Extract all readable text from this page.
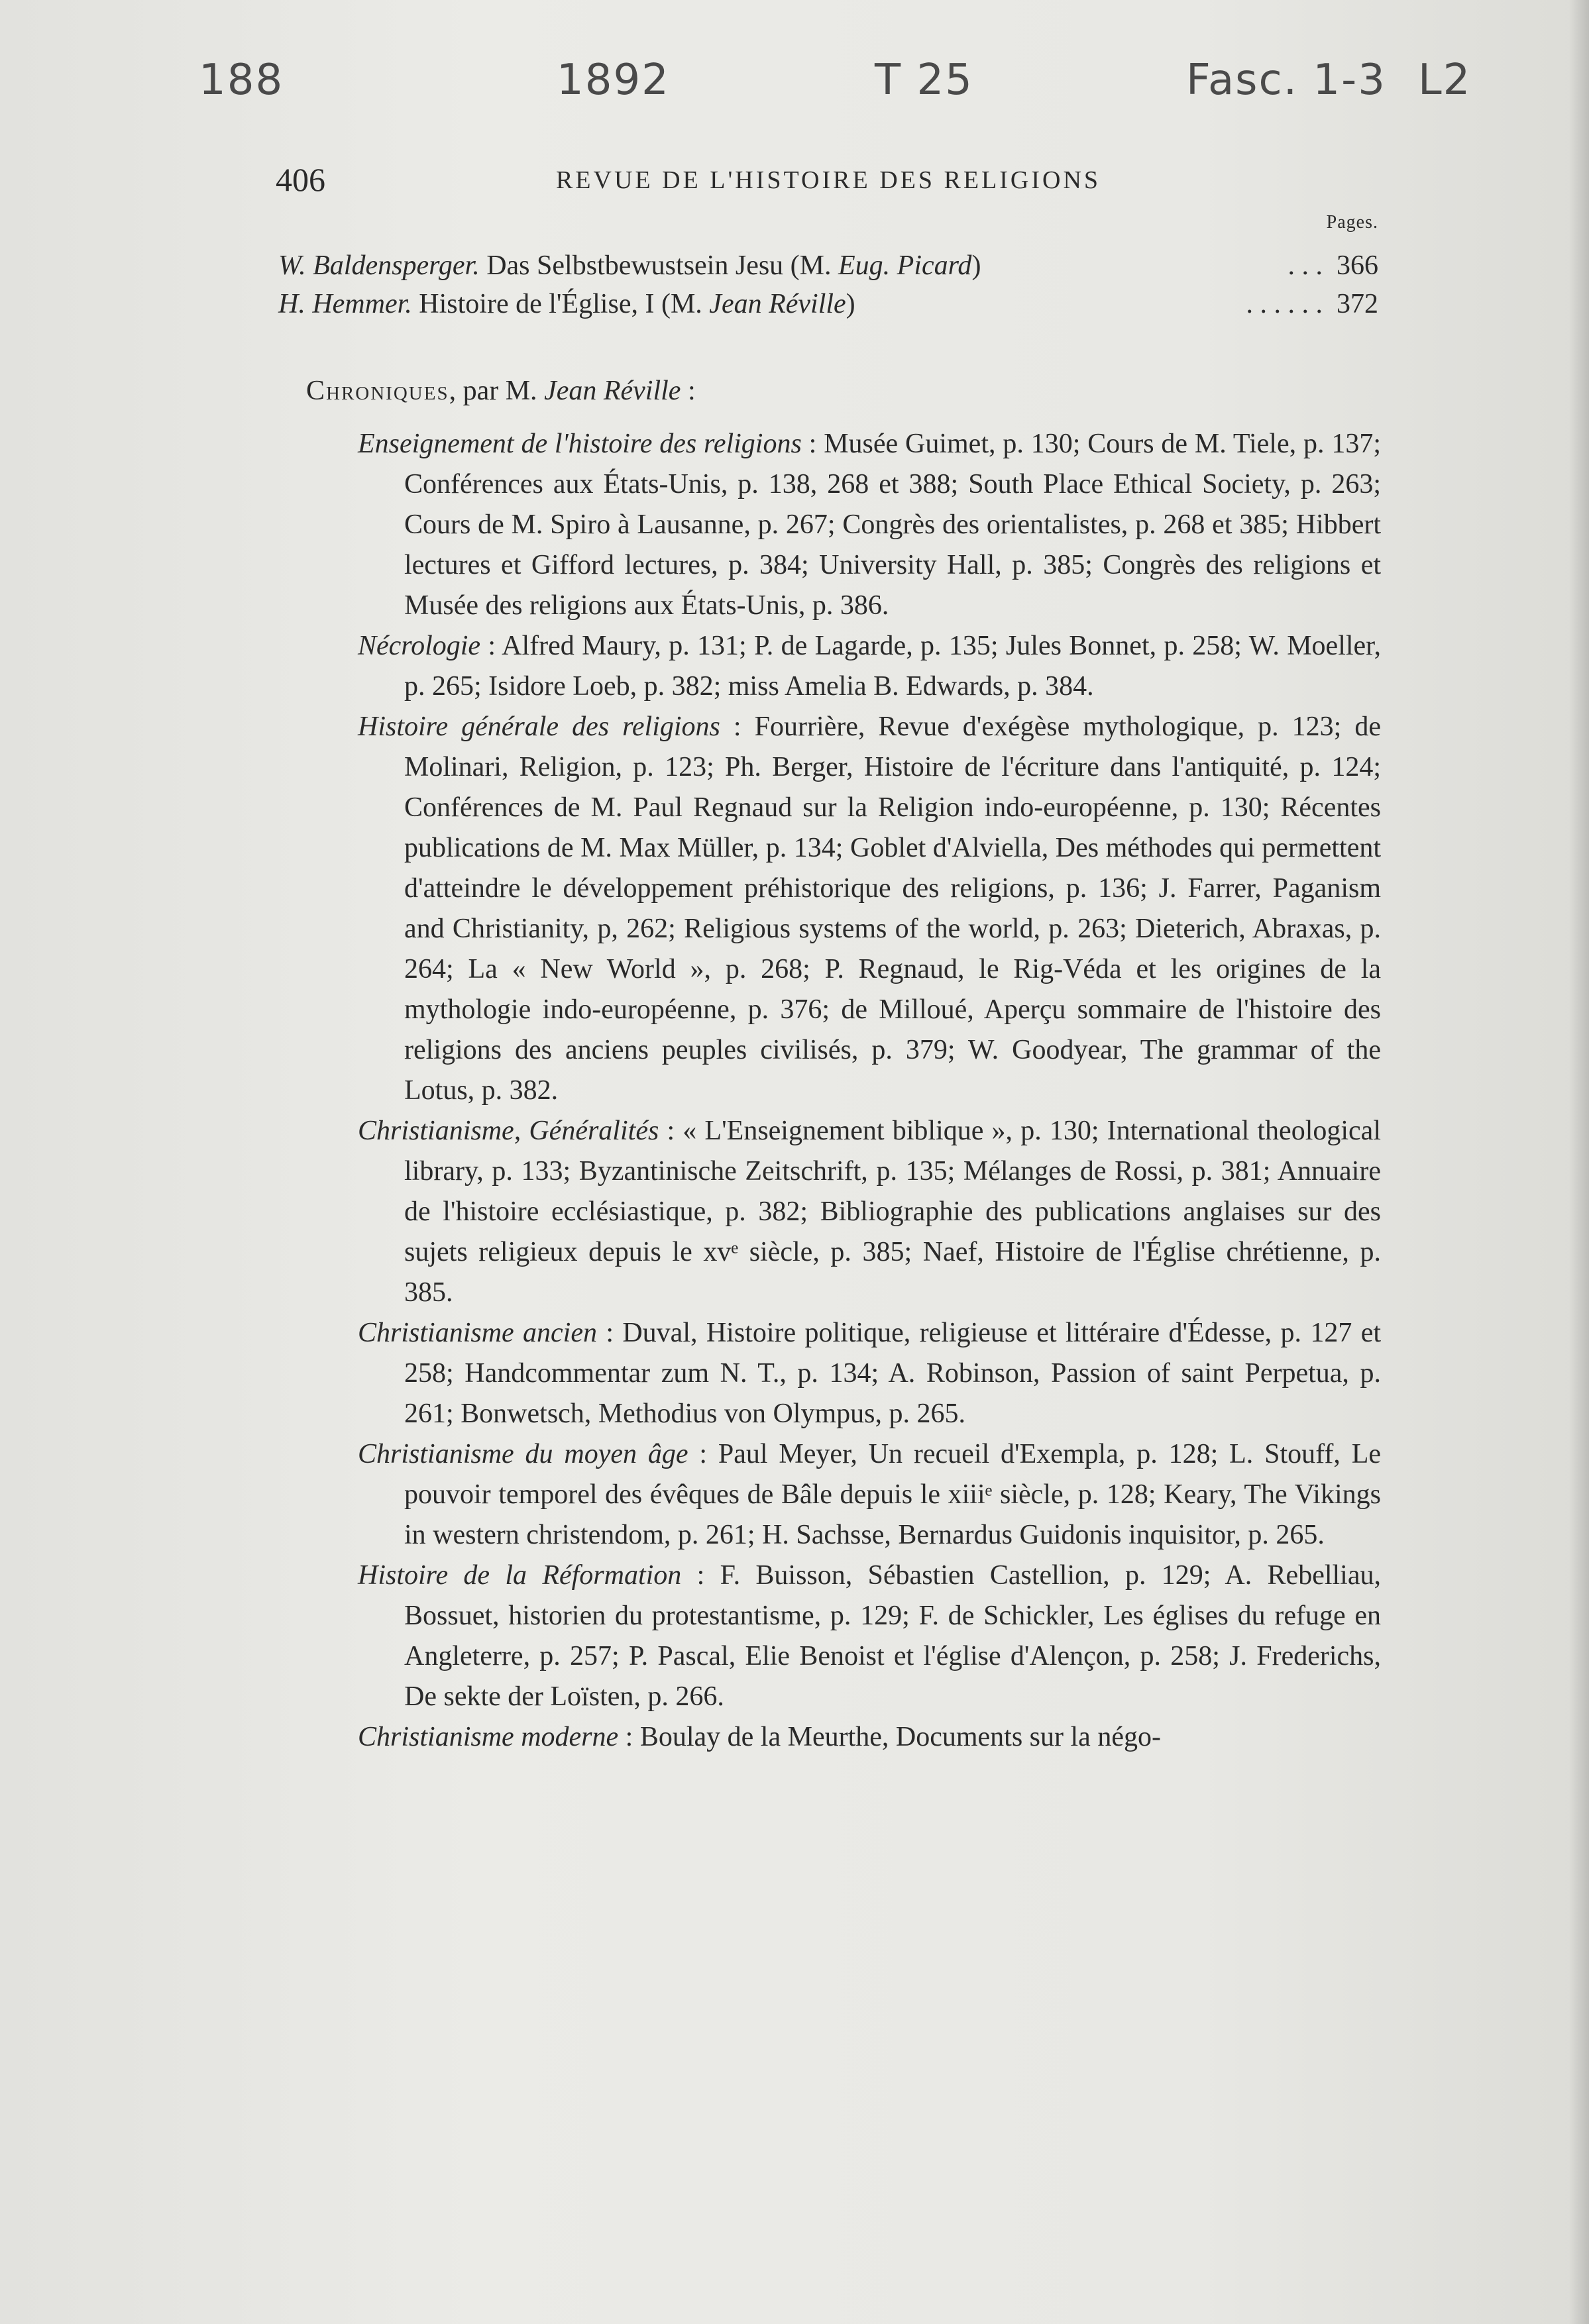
188	1892	T 25	Fasc. 1-3 L2
406	REVUE DE L'HISTOIRE DES RELIGIONS
Pages.
W. Baldensperger. Das Selbstbewustsein Jesu (M. Eug. Picard)	. . . 366
H. Hemmer. Histoire de l'Église, I (M. Jean Réville)	. . . . . . 372
Chroniques, par M. Jean Réville :

Enseignement de l'histoire des religions : Musée Guimet, p. 130; Cours de M. Tiele, p. 137; Conférences aux États-Unis, p. 138, 268 et 388; South Place Ethical Society, p. 263; Cours de M. Spiro à Lausanne, p. 267; Congrès des orientalistes, p. 268 et 385; Hibbert lectures et Gifford lectures, p. 384; University Hall, p. 385; Congrès des religions et Musée des religions aux États-Unis, p. 386.

Nécrologie : Alfred Maury, p. 131; P. de Lagarde, p. 135; Jules Bonnet, p. 258; W. Moeller, p. 265; Isidore Loeb, p. 382; miss Amelia B. Edwards, p. 384.

Histoire générale des religions : Fourrière, Revue d'exégèse mythologique, p. 123; de Molinari, Religion, p. 123; Ph. Berger, Histoire de l'écriture dans l'antiquité, p. 124; Conférences de M. Paul Regnaud sur la Religion indo-européenne, p. 130; Récentes publications de M. Max Müller, p. 134; Goblet d'Alviella, Des méthodes qui permettent d'atteindre le développement préhistorique des religions, p. 136; J. Farrer, Paganism and Christianity, p, 262; Religious systems of the world, p. 263; Dieterich, Abraxas, p. 264; La « New World », p. 268; P. Regnaud, le Rig-Véda et les origines de la mythologie indo-européenne, p. 376; de Milloué, Aperçu sommaire de l'histoire des religions des anciens peuples civilisés, p. 379; W. Goodyear, The grammar of the Lotus, p. 382.

Christianisme, Généralités : « L'Enseignement biblique », p. 130; International theological library, p. 133; Byzantinische Zeitschrift, p. 135; Mélanges de Rossi, p. 381; Annuaire de l'histoire ecclésiastique, p. 382; Bibliographie des publications anglaises sur des sujets religieux depuis le xvᵉ siècle, p. 385; Naef, Histoire de l'Église chrétienne, p. 385.

Christianisme ancien : Duval, Histoire politique, religieuse et littéraire d'Édesse, p. 127 et 258; Handcommentar zum N. T., p. 134; A. Robinson, Passion of saint Perpetua, p. 261; Bonwetsch, Methodius von Olympus, p. 265.

Christianisme du moyen âge : Paul Meyer, Un recueil d'Exempla, p. 128; L. Stouff, Le pouvoir temporel des évêques de Bâle depuis le xiiiᵉ siècle, p. 128; Keary, The Vikings in western christendom, p. 261; H. Sachsse, Bernardus Guidonis inquisitor, p. 265.

Histoire de la Réformation : F. Buisson, Sébastien Castellion, p. 129; A. Rebelliau, Bossuet, historien du protestantisme, p. 129; F. de Schickler, Les églises du refuge en Angleterre, p. 257; P. Pascal, Elie Benoist et l'église d'Alençon, p. 258; J. Frederichs, De sekte der Loïsten, p. 266.

Christianisme moderne : Boulay de la Meurthe, Documents sur la négo-
